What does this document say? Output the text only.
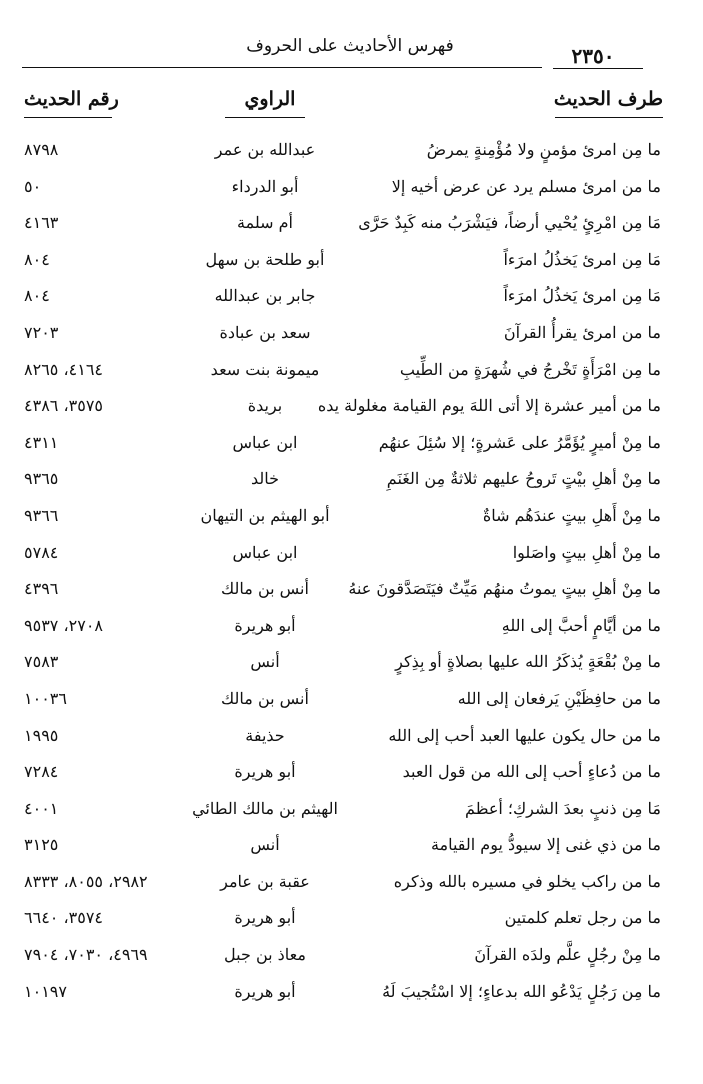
فهرس الأحاديث على الحروف	٢٣٥٠
طرف الحديث
الراوي
رقم الحديث
ما مِن امرئ مؤمنٍ ولا مُؤْمِنةٍ يمرضُ
عبدالله بن عمر
٨٧٩٨
ما من امرئ مسلم يرد عن عرض أخيه إلا
أبو الدرداء
٥٠
مَا مِن امْرِئٍ يُحْيي أرضاً، فيَشْرَبُ منه كَبِدٌ حَرَّى
أم سلمة
٤١٦٣
مَا مِن امرئ يَخذُلُ امرَءاً
أبو طلحة بن سهل
٨٠٤
مَا مِن امرئ يَخذُلُ امرَءاً
جابر بن عبدالله
٨٠٤
ما من امرئ يقرأُ القرآنَ
سعد بن عبادة
٧٢٠٣
ما مِن امْرَأَةٍ تَخْرجُ في شُهرَةٍ من الطِّيبِ
ميمونة بنت سعد
٤١٦٤، ٨٢٦٥
ما من أمير عشرة إلا أتى اللهَ يوم القيامة مغلولة يده
بريدة
٣٥٧٥، ٤٣٨٦
ما مِنْ أميرٍ يُؤَمَّرُ على عَشرةٍ؛ إلا سُئِلَ عنهُم
ابن عباس
٤٣١١
ما مِنْ أهلِ بيْتٍ تَروحُ عليهم ثلاثةٌ مِن الغَنَمِ
خالد
٩٣٦٥
ما مِنْ أَهلِ بيتٍ عندَهُم شاةٌ
أبو الهيثم بن التيهان
٩٣٦٦
ما مِنْ أهلِ بيتٍ واصَلوا
ابن عباس
٥٧٨٤
ما مِنْ أهلِ بيتٍ يموتُ منهُم مَيِّتٌ فيَتَصَدَّقونَ عنهُ
أنس بن مالك
٤٣٩٦
ما من أيَّامٍ أحبَّ إلى اللهِ
أبو هريرة
٢٧٠٨، ٩٥٣٧
ما مِنْ بُقْعَةٍ يُذكَرُ الله عليها بصلاةٍ أو بِذِكرٍ
أنس
٧٥٨٣
ما من حافِظَيْنِ يَرفعان إلى الله
أنس بن مالك
١٠٠٣٦
ما من حال يكون عليها العبد أحب إلى الله
حذيفة
١٩٩٥
ما من دُعاءٍ أحب إلى الله من قول العبد
أبو هريرة
٧٢٨٤
مَا مِن ذنبٍ بعدَ الشركِ؛ أعظمَ
الهيثم بن مالك الطائي
٤٠٠١
ما من ذي غنى إلا سيودُّ يوم القيامة
أنس
٣١٢٥
ما من راكب يخلو في مسيره بالله وذكره
عقبة بن عامر
٢٩٨٢، ٨٠٥٥، ٨٣٣٣
ما من رجل تعلم كلمتين
أبو هريرة
٣٥٧٤، ٦٦٤٠
ما مِنْ رجُلٍ علَّم ولدَه القرآنَ
معاذ بن جبل
٤٩٦٩، ٧٠٣٠، ٧٩٠٤
ما مِن رَجُلٍ يَدْعُو الله بدعاءٍ؛ إلا اسْتُجيبَ لَهُ
أبو هريرة
١٠١٩٧
